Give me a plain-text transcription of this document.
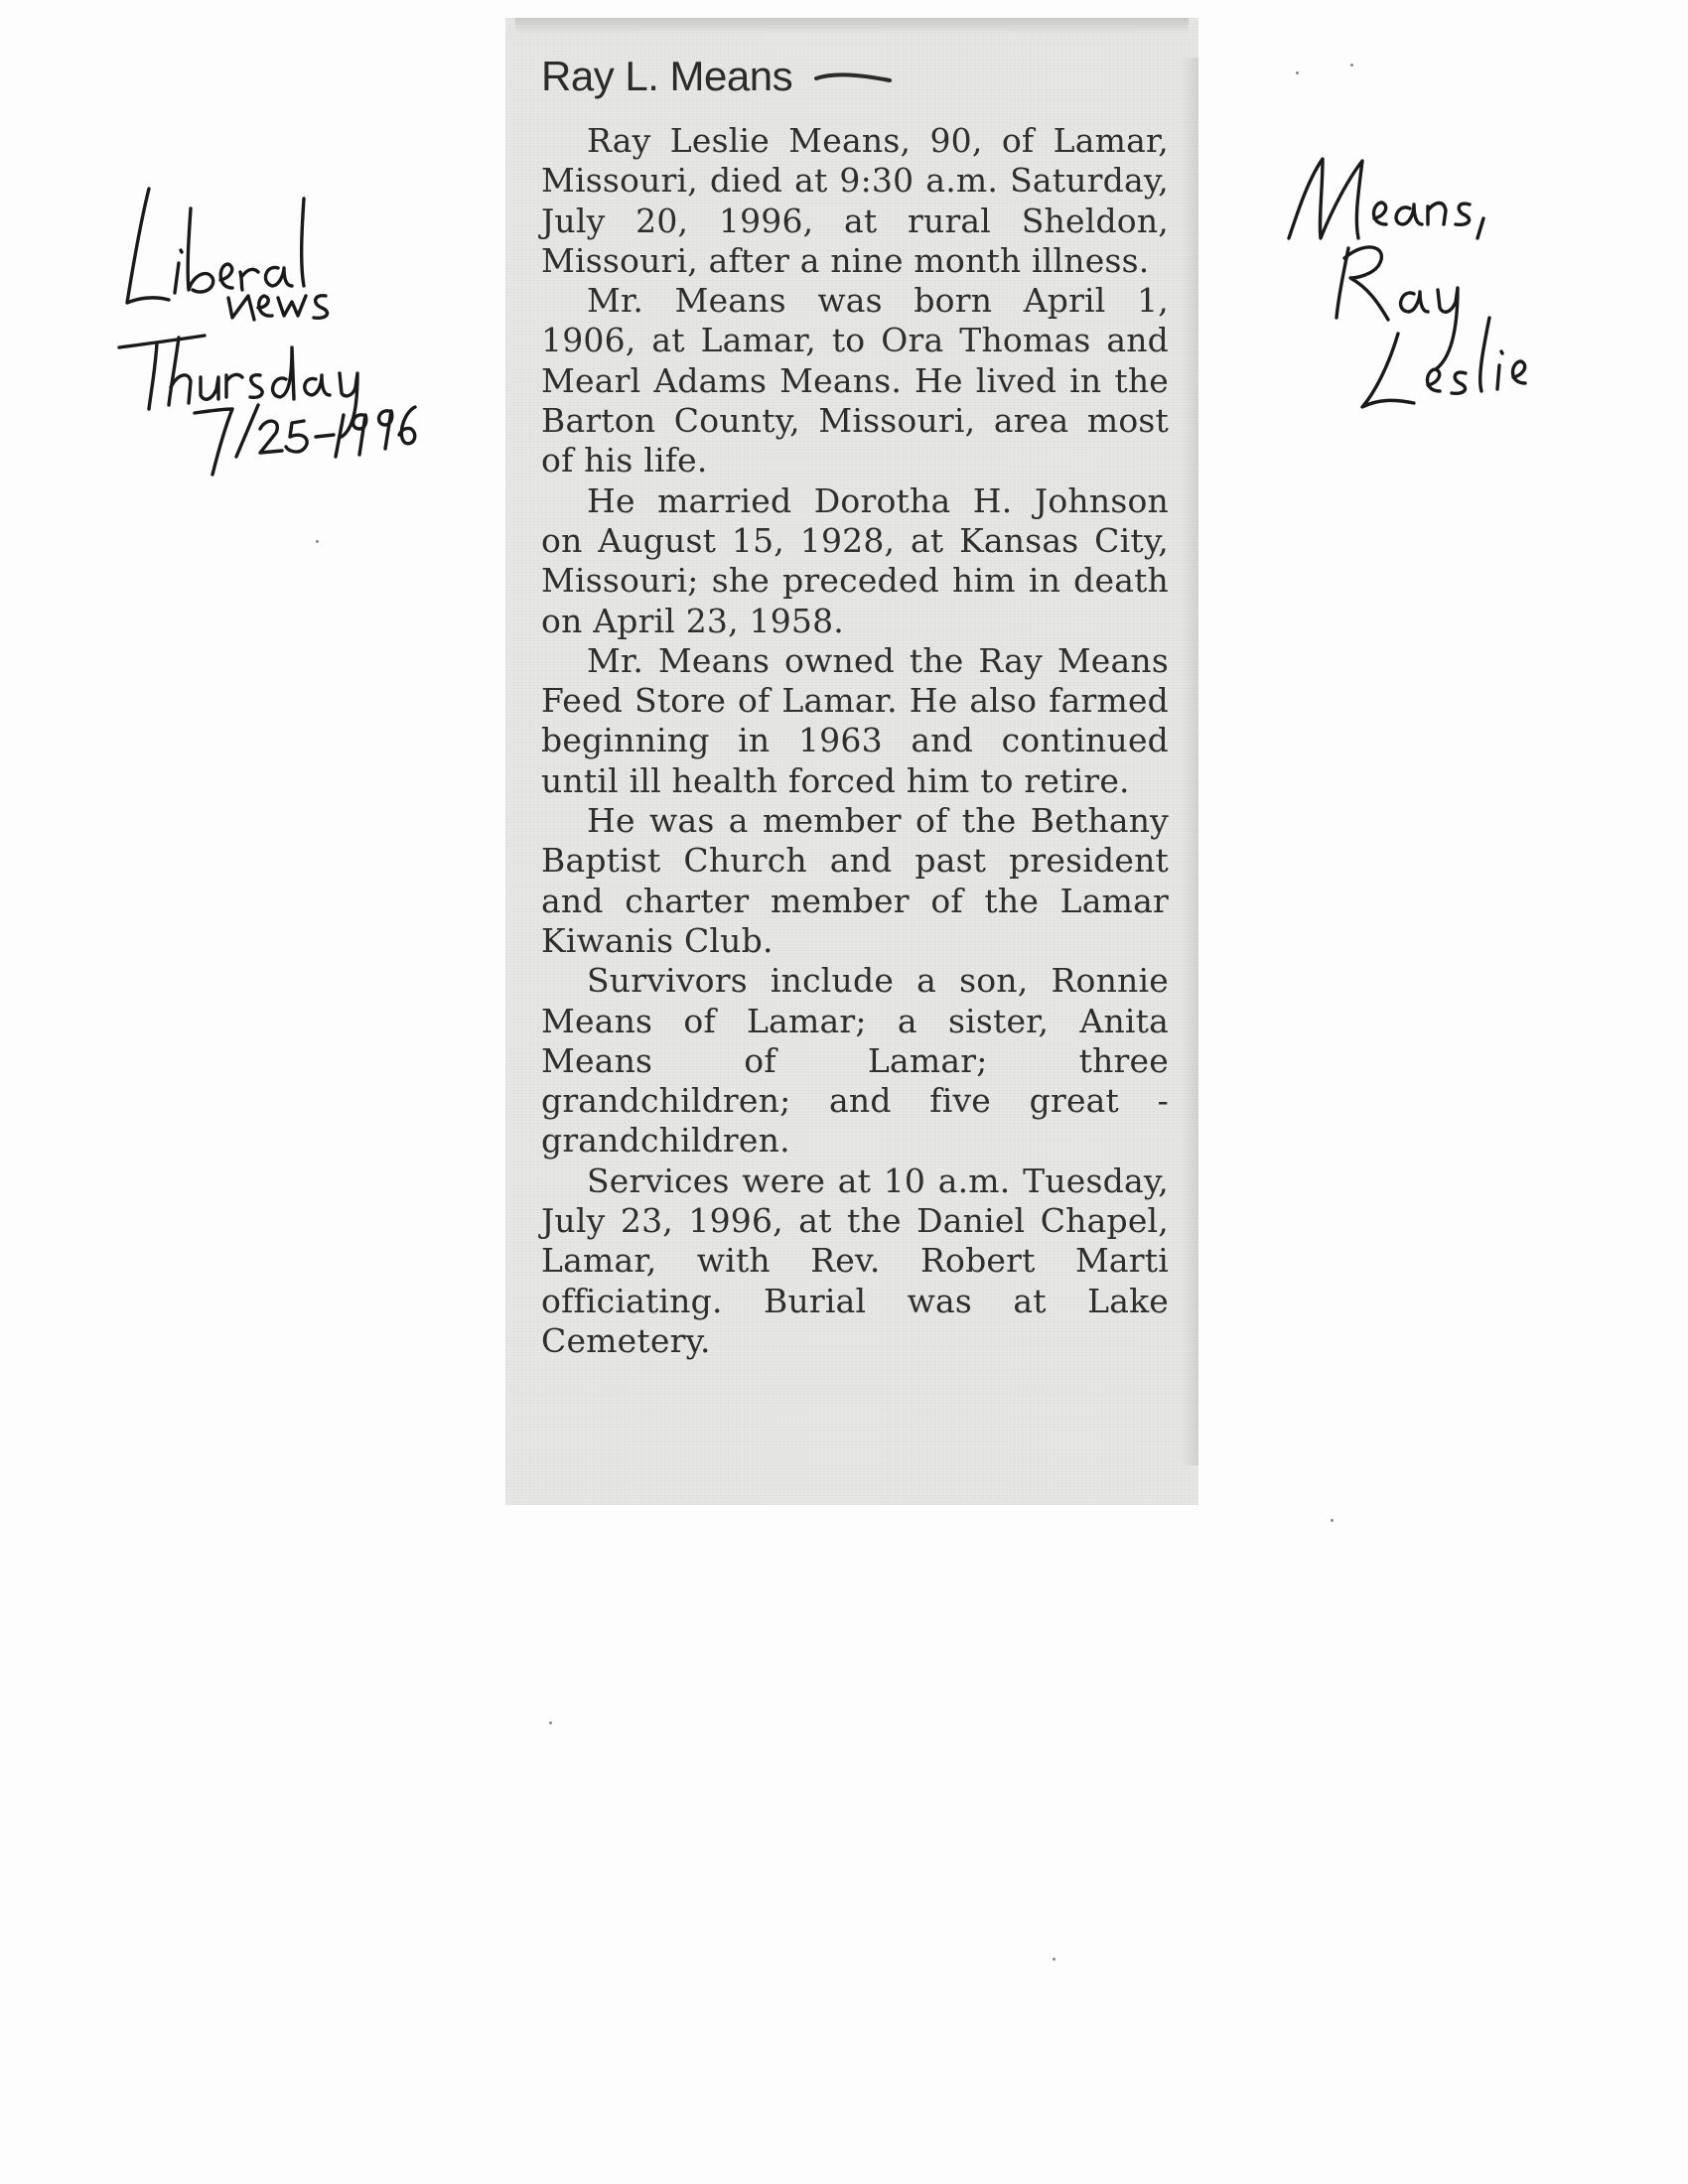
Ray L. Means

Ray Leslie Means, 90, of Lamar, Missouri, died at 9:30 a.m. Saturday, July 20, 1996, at rural Sheldon, Missouri, after a nine month illness.

Mr. Means was born April 1, 1906, at Lamar, to Ora Thomas and Mearl Adams Means. He lived in the Barton County, Missouri, area most of his life.

He married Dorotha H. Johnson on August 15, 1928, at Kansas City, Missouri; she preceded him in death on April 23, 1958.

Mr. Means owned the Ray Means Feed Store of Lamar. He also farmed beginning in 1963 and continued until ill health forced him to retire.

He was a member of the Bethany Baptist Church and past president and charter member of the Lamar Kiwanis Club.

Survivors include a son, Ronnie Means of Lamar; a sister, Anita Means of Lamar; three grandchildren; and five great - grandchildren.

Services were at 10 a.m. Tuesday, July 23, 1996, at the Daniel Chapel, Lamar, with Rev. Robert Marti officiating. Burial was at Lake Cemetery.
